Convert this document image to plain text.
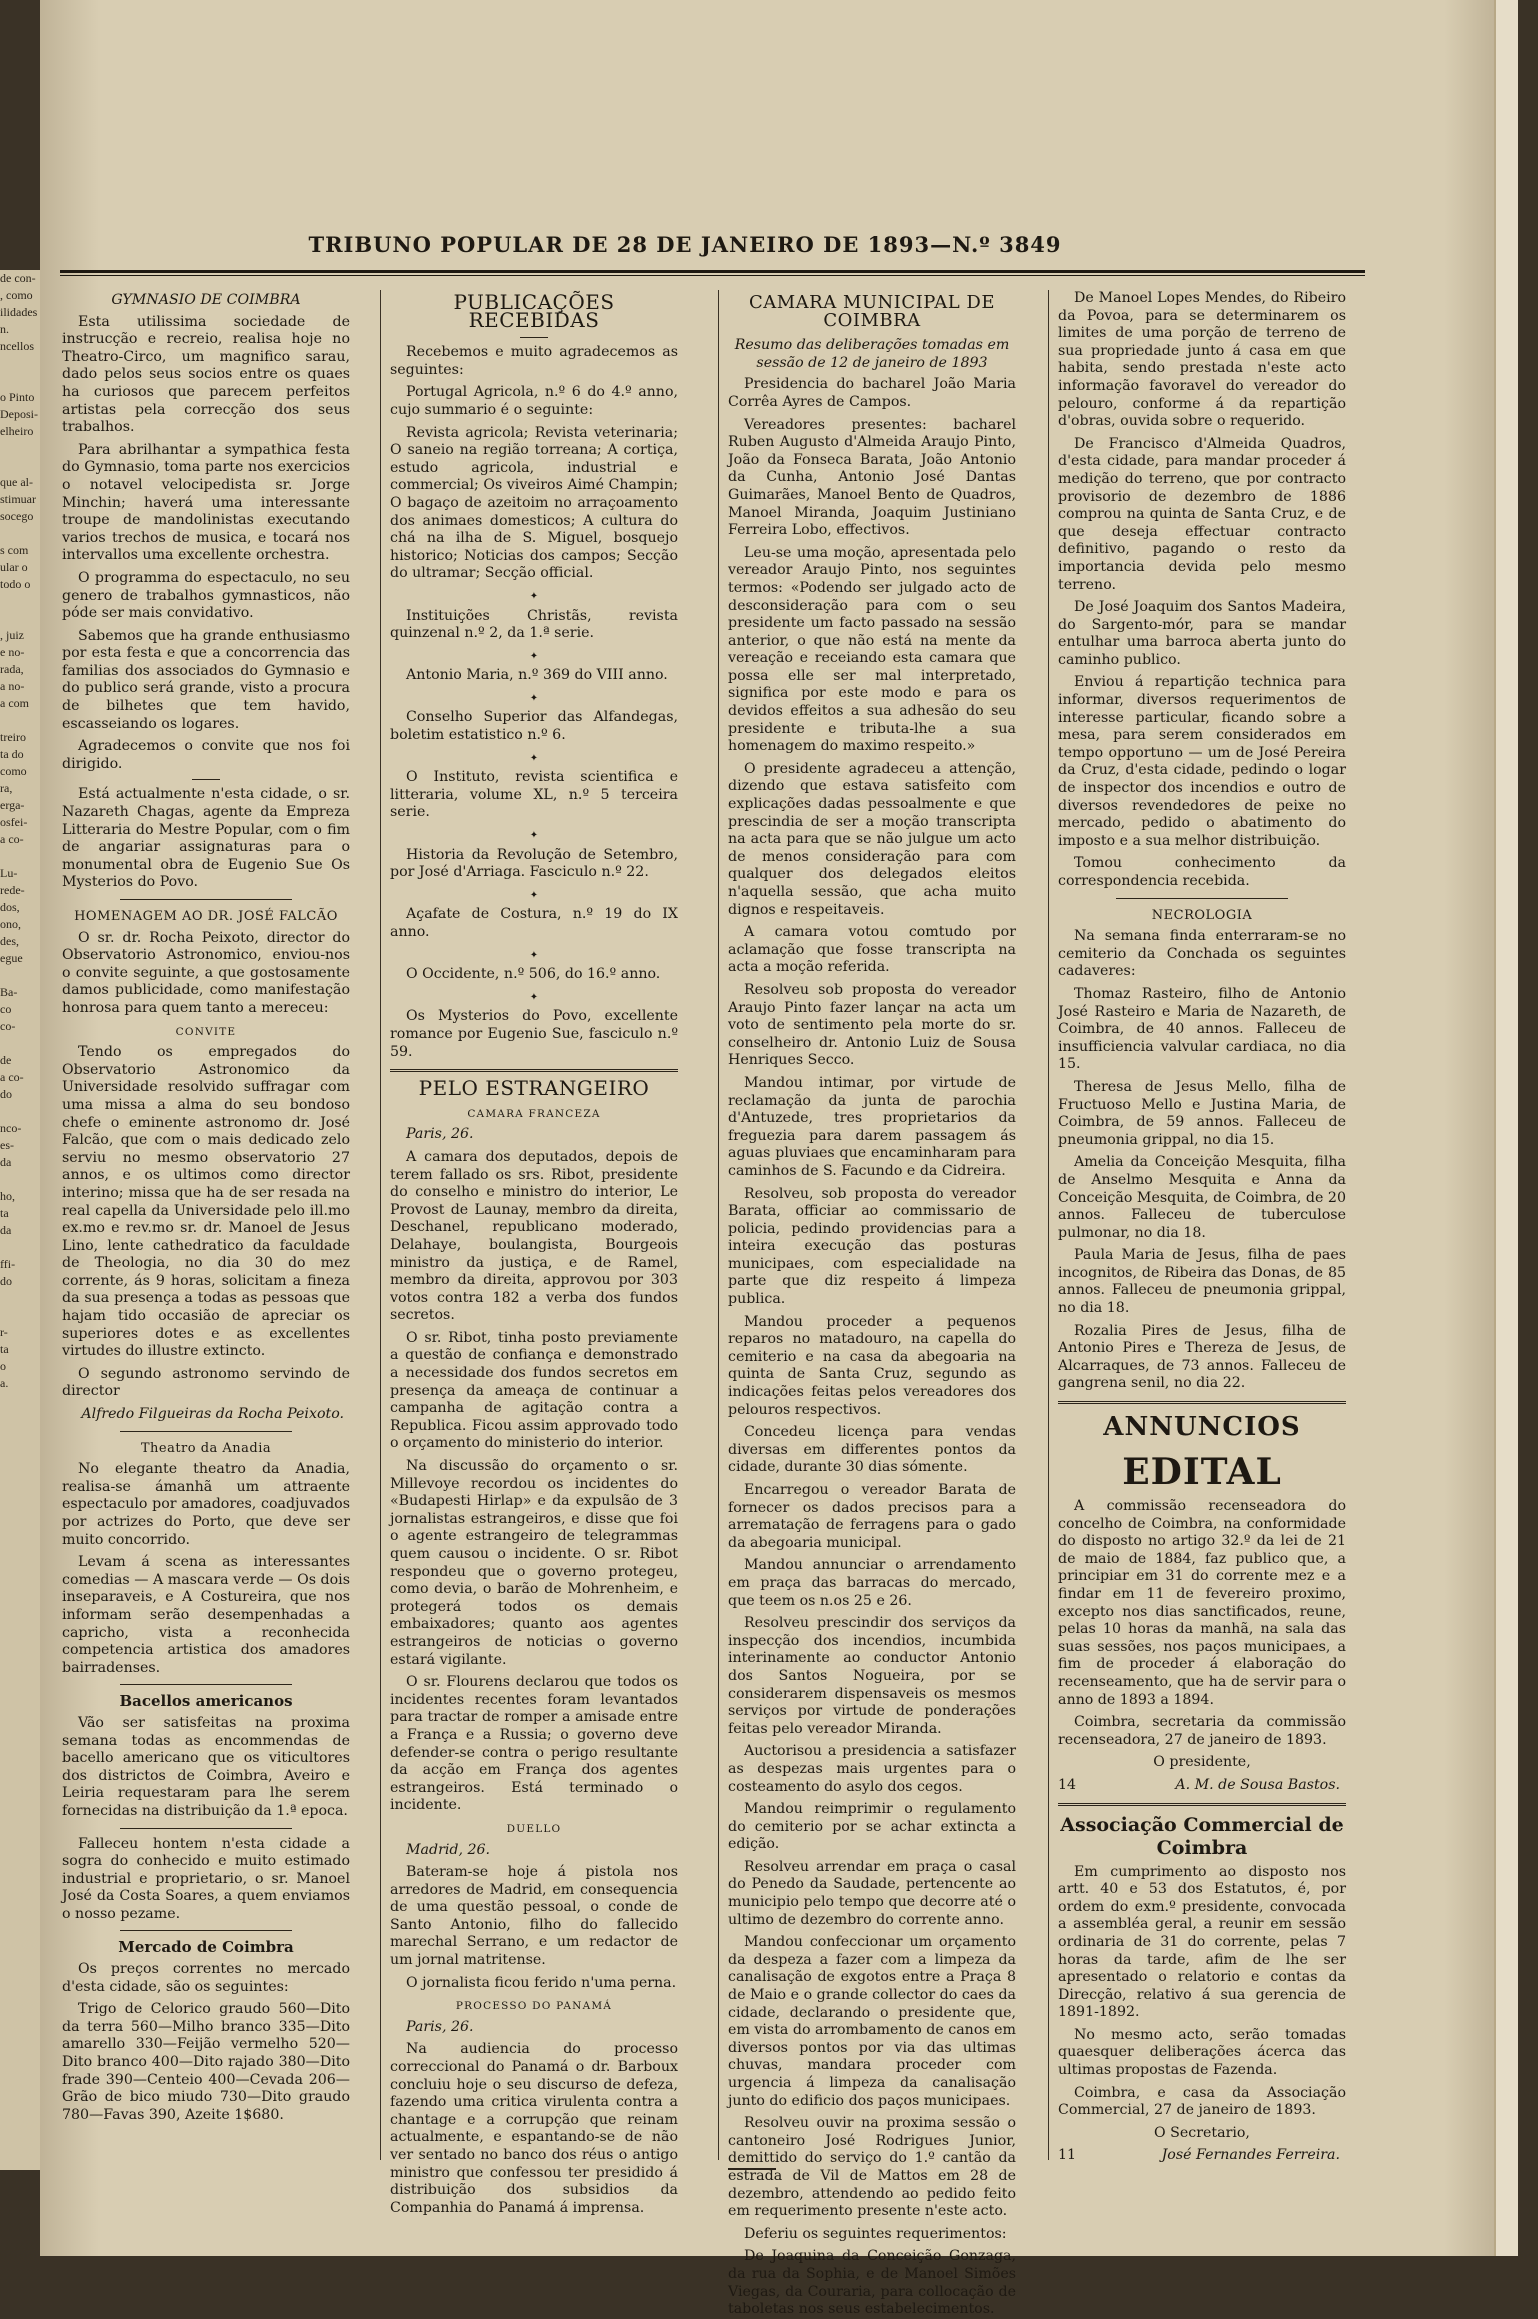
de con-
, como
ilidades
n.
ncellos

o Pinto
Deposi-
elheiro

que al-
stimuar
socego

s com
ular o
todo o

, juiz
e no-
rada,
a no-
a com

treiro
ta do
como
ra,
erga-
osfei-
a co-

Lu-
rede-
dos,
ono,
des,
egue

Ba-
co
co-

de
a co-
do

nco-
es-
da

ho,
ta
da

ffi-
do

r-
ta
o
a.

TRIBUNO POPULAR DE 28 DE JANEIRO DE 1893—N.º 3849
GYMNASIO DE COIMBRA

Esta utilissima sociedade de instrucção e recreio, realisa hoje no Theatro-Circo, um magnifico sarau, dado pelos seus socios entre os quaes ha curiosos que parecem perfeitos artistas pela correcção dos seus trabalhos.

Para abrilhantar a sympathica festa do Gymnasio, toma parte nos exercicios o notavel velocipedista sr. Jorge Minchin; haverá uma interessante troupe de mandolinistas executando varios trechos de musica, e tocará nos intervallos uma excellente orchestra.

O programma do espectaculo, no seu genero de trabalhos gymnasticos, não póde ser mais convidativo.

Sabemos que ha grande enthusiasmo por esta festa e que a concorrencia das familias dos associados do Gymnasio e do publico será grande, visto a procura de bilhetes que tem havido, escasseiando os logares.

Agradecemos o convite que nos foi dirigido.

Está actualmente n'esta cidade, o sr. Nazareth Chagas, agente da Empreza Litteraria do Mestre Popular, com o fim de angariar assignaturas para o monumental obra de Eugenio Sue Os Mysterios do Povo.

HOMENAGEM AO DR. JOSÉ FALCÃO

O sr. dr. Rocha Peixoto, director do Observatorio Astronomico, enviou-nos o convite seguinte, a que gostosamente damos publicidade, como manifestação honrosa para quem tanto a mereceu:

CONVITE

Tendo os empregados do Observatorio Astronomico da Universidade resolvido suffragar com uma missa a alma do seu bondoso chefe o eminente astronomo dr. José Falcão, que com o mais dedicado zelo serviu no mesmo observatorio 27 annos, e os ultimos como director interino; missa que ha de ser resada na real capella da Universidade pelo ill.mo ex.mo e rev.mo sr. dr. Manoel de Jesus Lino, lente cathedratico da faculdade de Theologia, no dia 30 do mez corrente, ás 9 horas, solicitam a fineza da sua presença a todas as pessoas que hajam tido occasião de apreciar os superiores dotes e as excellentes virtudes do illustre extincto.

O segundo astronomo servindo de director

Alfredo Filgueiras da Rocha Peixoto.
Theatro da Anadia

No elegante theatro da Anadia, realisa-se ámanhã um attraente espectaculo por amadores, coadjuvados por actrizes do Porto, que deve ser muito concorrido.

Levam á scena as interessantes comedias — A mascara verde — Os dois inseparaveis, e A Costureira, que nos informam serão desempenhadas a capricho, vista a reconhecida competencia artistica dos amadores bairradenses.

Bacellos americanos

Vão ser satisfeitas na proxima semana todas as encommendas de bacello americano que os viticultores dos districtos de Coimbra, Aveiro e Leiria requestaram para lhe serem fornecidas na distribuição da 1.ª epoca.

Falleceu hontem n'esta cidade a sogra do conhecido e muito estimado industrial e proprietario, o sr. Manoel José da Costa Soares, a quem enviamos o nosso pezame.

Mercado de Coimbra

Os preços correntes no mercado d'esta cidade, são os seguintes:

Trigo de Celorico graudo 560—Dito da terra 560—Milho branco 335—Dito amarello 330—Feijão vermelho 520—Dito branco 400—Dito rajado 380—Dito frade 390—Centeio 400—Cevada 206—Grão de bico miudo 730—Dito graudo 780—Favas 390, Azeite 1$680.

PUBLICAÇÕES RECEBIDAS

Recebemos e muito agradecemos as seguintes:

Portugal Agricola, n.º 6 do 4.º anno, cujo summario é o seguinte:

Revista agricola; Revista veterinaria; O saneio na região torreana; A cortiça, estudo agricola, industrial e commercial; Os viveiros Aimé Champin; O bagaço de azeitoim no arraçoamento dos animaes domesticos; A cultura do chá na ilha de S. Miguel, bosquejo historico; Noticias dos campos; Secção do ultramar; Secção official.

✦

Instituições Christãs, revista quinzenal n.º 2, da 1.ª serie.

✦

Antonio Maria, n.º 369 do VIII anno.

✦

Conselho Superior das Alfandegas, boletim estatistico n.º 6.

✦

O Instituto, revista scientifica e litteraria, volume XL, n.º 5 terceira serie.

✦

Historia da Revolução de Setembro, por José d'Arriaga. Fasciculo n.º 22.

✦

Açafate de Costura, n.º 19 do IX anno.

✦

O Occidente, n.º 506, do 16.º anno.

✦

Os Mysterios do Povo, excellente romance por Eugenio Sue, fasciculo n.º 59.

PELO ESTRANGEIRO
CAMARA FRANCEZA

Paris, 26.

A camara dos deputados, depois de terem fallado os srs. Ribot, presidente do conselho e ministro do interior, Le Provost de Launay, membro da direita, Deschanel, republicano moderado, Delahaye, boulangista, Bourgeois ministro da justiça, e de Ramel, membro da direita, approvou por 303 votos contra 182 a verba dos fundos secretos.

O sr. Ribot, tinha posto previamente a questão de confiança e demonstrado a necessidade dos fundos secretos em presença da ameaça de continuar a campanha de agitação contra a Republica. Ficou assim approvado todo o orçamento do ministerio do interior.

Na discussão do orçamento o sr. Millevoye recordou os incidentes do «Budapesti Hirlap» e da expulsão de 3 jornalistas estrangeiros, e disse que foi o agente estrangeiro de telegrammas quem causou o incidente. O sr. Ribot respondeu que o governo protegeu, como devia, o barão de Mohrenheim, e protegerá todos os demais embaixadores; quanto aos agentes estrangeiros de noticias o governo estará vigilante.

O sr. Flourens declarou que todos os incidentes recentes foram levantados para tractar de romper a amisade entre a França e a Russia; o governo deve defender-se contra o perigo resultante da acção em França dos agentes estrangeiros. Está terminado o incidente.

DUELLO

Madrid, 26.

Bateram-se hoje á pistola nos arredores de Madrid, em consequencia de uma questão pessoal, o conde de Santo Antonio, filho do fallecido marechal Serrano, e um redactor de um jornal matritense.

O jornalista ficou ferido n'uma perna.

PROCESSO DO PANAMÁ

Paris, 26.

Na audiencia do processo correccional do Panamá o dr. Barboux concluiu hoje o seu discurso de defeza, fazendo uma critica virulenta contra a chantage e a corrupção que reinam actualmente, e espantando-se de não ver sentado no banco dos réus o antigo ministro que confessou ter presidido á distribuição dos subsidios da Companhia do Panamá á imprensa.

CAMARA MUNICIPAL DE COIMBRA
Resumo das deliberações tomadas em sessão de 12 de janeiro de 1893

Presidencia do bacharel João Maria Corrêa Ayres de Campos.

Vereadores presentes: bacharel Ruben Augusto d'Almeida Araujo Pinto, João da Fonseca Barata, João Antonio da Cunha, Antonio José Dantas Guimarães, Manoel Bento de Quadros, Manoel Miranda, Joaquim Justiniano Ferreira Lobo, effectivos.

Leu-se uma moção, apresentada pelo vereador Araujo Pinto, nos seguintes termos: «Podendo ser julgado acto de desconsideração para com o seu presidente um facto passado na sessão anterior, o que não está na mente da vereação e receiando esta camara que possa elle ser mal interpretado, significa por este modo e para os devidos effeitos a sua adhesão do seu presidente e tributa-lhe a sua homenagem do maximo respeito.»

O presidente agradeceu a attenção, dizendo que estava satisfeito com explicações dadas pessoalmente e que prescindia de ser a moção transcripta na acta para que se não julgue um acto de menos consideração para com qualquer dos delegados eleitos n'aquella sessão, que acha muito dignos e respeitaveis.

A camara votou comtudo por aclamação que fosse transcripta na acta a moção referida.

Resolveu sob proposta do vereador Araujo Pinto fazer lançar na acta um voto de sentimento pela morte do sr. conselheiro dr. Antonio Luiz de Sousa Henriques Secco.

Mandou intimar, por virtude de reclamação da junta de parochia d'Antuzede, tres proprietarios da freguezia para darem passagem ás aguas pluviaes que encaminharam para caminhos de S. Facundo e da Cidreira.

Resolveu, sob proposta do vereador Barata, officiar ao commissario de policia, pedindo providencias para a inteira execução das posturas municipaes, com especialidade na parte que diz respeito á limpeza publica.

Mandou proceder a pequenos reparos no matadouro, na capella do cemiterio e na casa da abegoaria na quinta de Santa Cruz, segundo as indicações feitas pelos vereadores dos pelouros respectivos.

Concedeu licença para vendas diversas em differentes pontos da cidade, durante 30 dias sómente.

Encarregou o vereador Barata de fornecer os dados precisos para a arrematação de ferragens para o gado da abegoaria municipal.

Mandou annunciar o arrendamento em praça das barracas do mercado, que teem os n.os 25 e 26.

Resolveu prescindir dos serviços da inspecção dos incendios, incumbida interinamente ao conductor Antonio dos Santos Nogueira, por se considerarem dispensaveis os mesmos serviços por virtude de ponderações feitas pelo vereador Miranda.

Auctorisou a presidencia a satisfazer as despezas mais urgentes para o costeamento do asylo dos cegos.

Mandou reimprimir o regulamento do cemiterio por se achar extincta a edição.

Resolveu arrendar em praça o casal do Penedo da Saudade, pertencente ao municipio pelo tempo que decorre até o ultimo de dezembro do corrente anno.

Mandou confeccionar um orçamento da despeza a fazer com a limpeza da canalisação de exgotos entre a Praça 8 de Maio e o grande collector do caes da cidade, declarando o presidente que, em vista do arrombamento de canos em diversos pontos por via das ultimas chuvas, mandara proceder com urgencia á limpeza da canalisação junto do edificio dos paços municipaes.

Resolveu ouvir na proxima sessão o cantoneiro José Rodrigues Junior, demittido do serviço do 1.º cantão da estrada de Vil de Mattos em 28 de dezembro, attendendo ao pedido feito em requerimento presente n'este acto.

Deferiu os seguintes requerimentos:

De Joaquina da Conceição Gonzaga, da rua da Sophia, e de Manoel Simões Viegas, da Couraria, para collocação de taboletas nos seus estabelecimentos.

De Manoel Lopes Mendes, do Ribeiro da Povoa, para se determinarem os limites de uma porção de terreno de sua propriedade junto á casa em que habita, sendo prestada n'este acto informação favoravel do vereador do pelouro, conforme á da repartição d'obras, ouvida sobre o requerido.

De Francisco d'Almeida Quadros, d'esta cidade, para mandar proceder á medição do terreno, que por contracto provisorio de dezembro de 1886 comprou na quinta de Santa Cruz, e de que deseja effectuar contracto definitivo, pagando o resto da importancia devida pelo mesmo terreno.

De José Joaquim dos Santos Madeira, do Sargento-mór, para se mandar entulhar uma barroca aberta junto do caminho publico.

Enviou á repartição technica para informar, diversos requerimentos de interesse particular, ficando sobre a mesa, para serem considerados em tempo opportuno — um de José Pereira da Cruz, d'esta cidade, pedindo o logar de inspector dos incendios e outro de diversos revendedores de peixe no mercado, pedido o abatimento do imposto e a sua melhor distribuição.

Tomou conhecimento da correspondencia recebida.

NECROLOGIA

Na semana finda enterraram-se no cemiterio da Conchada os seguintes cadaveres:

Thomaz Rasteiro, filho de Antonio José Rasteiro e Maria de Nazareth, de Coimbra, de 40 annos. Falleceu de insufficiencia valvular cardiaca, no dia 15.

Theresa de Jesus Mello, filha de Fructuoso Mello e Justina Maria, de Coimbra, de 59 annos. Falleceu de pneumonia grippal, no dia 15.

Amelia da Conceição Mesquita, filha de Anselmo Mesquita e Anna da Conceição Mesquita, de Coimbra, de 20 annos. Falleceu de tuberculose pulmonar, no dia 18.

Paula Maria de Jesus, filha de paes incognitos, de Ribeira das Donas, de 85 annos. Falleceu de pneumonia grippal, no dia 18.

Rozalia Pires de Jesus, filha de Antonio Pires e Thereza de Jesus, de Alcarraques, de 73 annos. Falleceu de gangrena senil, no dia 22.

ANNUNCIOS
EDITAL

A commissão recenseadora do concelho de Coimbra, na conformidade do disposto no artigo 32.º da lei de 21 de maio de 1884, faz publico que, a principiar em 31 do corrente mez e a findar em 11 de fevereiro proximo, excepto nos dias sanctificados, reune, pelas 10 horas da manhã, na sala das suas sessões, nos paços municipaes, a fim de proceder á elaboração do recenseamento, que ha de servir para o anno de 1893 a 1894.

Coimbra, secretaria da commissão recenseadora, 27 de janeiro de 1893.

O presidente,

14	A. M. de Sousa Bastos.
Associação Commercial de Coimbra

Em cumprimento ao disposto nos artt. 40 e 53 dos Estatutos, é, por ordem do exm.º presidente, convocada a assembléa geral, a reunir em sessão ordinaria de 31 do corrente, pelas 7 horas da tarde, afim de lhe ser apresentado o relatorio e contas da Direcção, relativo á sua gerencia de 1891-1892.

No mesmo acto, serão tomadas quaesquer deliberações ácerca das ultimas propostas de Fazenda.

Coimbra, e casa da Associação Commercial, 27 de janeiro de 1893.

O Secretario,

11	José Fernandes Ferreira.
